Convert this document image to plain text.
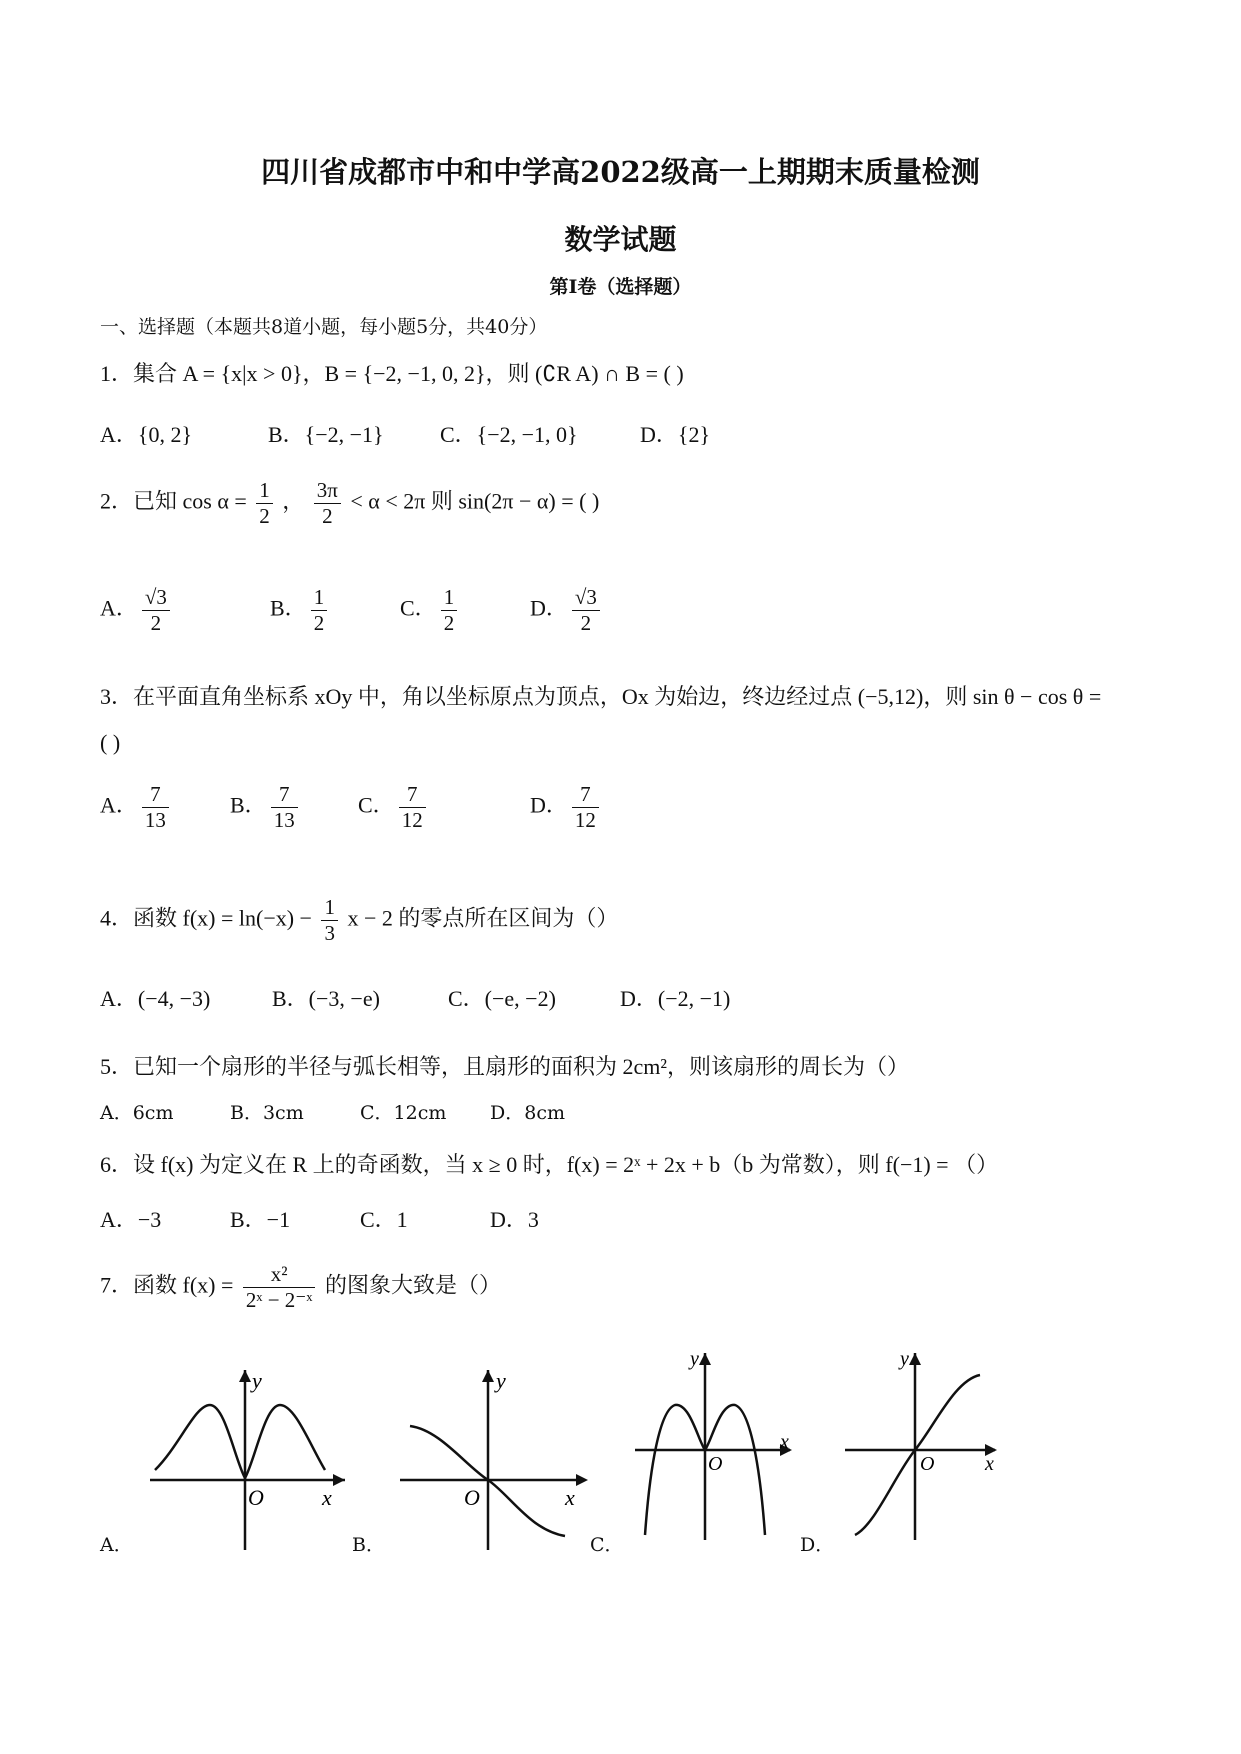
四川省成都市中和中学高2022级高一上期期末质量检测
数学试题
第Ⅰ卷（选择题）
一、选择题（本题共8道小题，每小题5分，共40分）
1．集合 A = {x|x > 0}，B = {−2, −1, 0, 2}，则 (∁R A) ∩ B = ( )
A．{0, 2}	B．{−2, −1}	C．{−2, −1, 0}	D．{2}
2．已知 $\cos \alpha = \frac{1}{2}$ ， $\frac{3\pi}{2} < \alpha < 2\pi$ 则 sin(2π − α) = ( )
A． $\frac{√3}{2}$	B． $\frac{1}{2}$	C． $\frac{1}{2}$	D． $\frac{√3}{2}$
3．在平面直角坐标系 xOy 中，角以坐标原点为顶点，Ox 为始边，终边经过点 (−5,12)，则 sin θ − cos θ =
( )
A． $\frac{7}{13}$	B． $\frac{7}{13}$	C． $\frac{7}{12}$	D． $\frac{7}{12}$
4．函数 $f(x) = \ln(-x) - \frac{1}{3}$ x − 2 的零点所在区间为（）
A．(−4, −3)	B．(−3, −e)	C．(−e, −2)	D．(−2, −1)
5．已知一个扇形的半径与弧长相等，且扇形的面积为 2cm²，则该扇形的周长为（）
A．6cm	B．3cm	C．12cm D．8cm
6．设 f(x) 为定义在 R 上的奇函数，当 x ≥ 0 时，f(x) = 2ˣ + 2x + b（b 为常数），则 f(−1) = （）
A．−3	B．−1	C．1	D．3
7．函数 $f(x) = \frac{\text{x²}}{\text{2ˣ − 2⁻ˣ}}$ 的图象大致是（）
A．	B．	C．	D．
y
O	x
y
O	x
y
O
x
y
O	x
